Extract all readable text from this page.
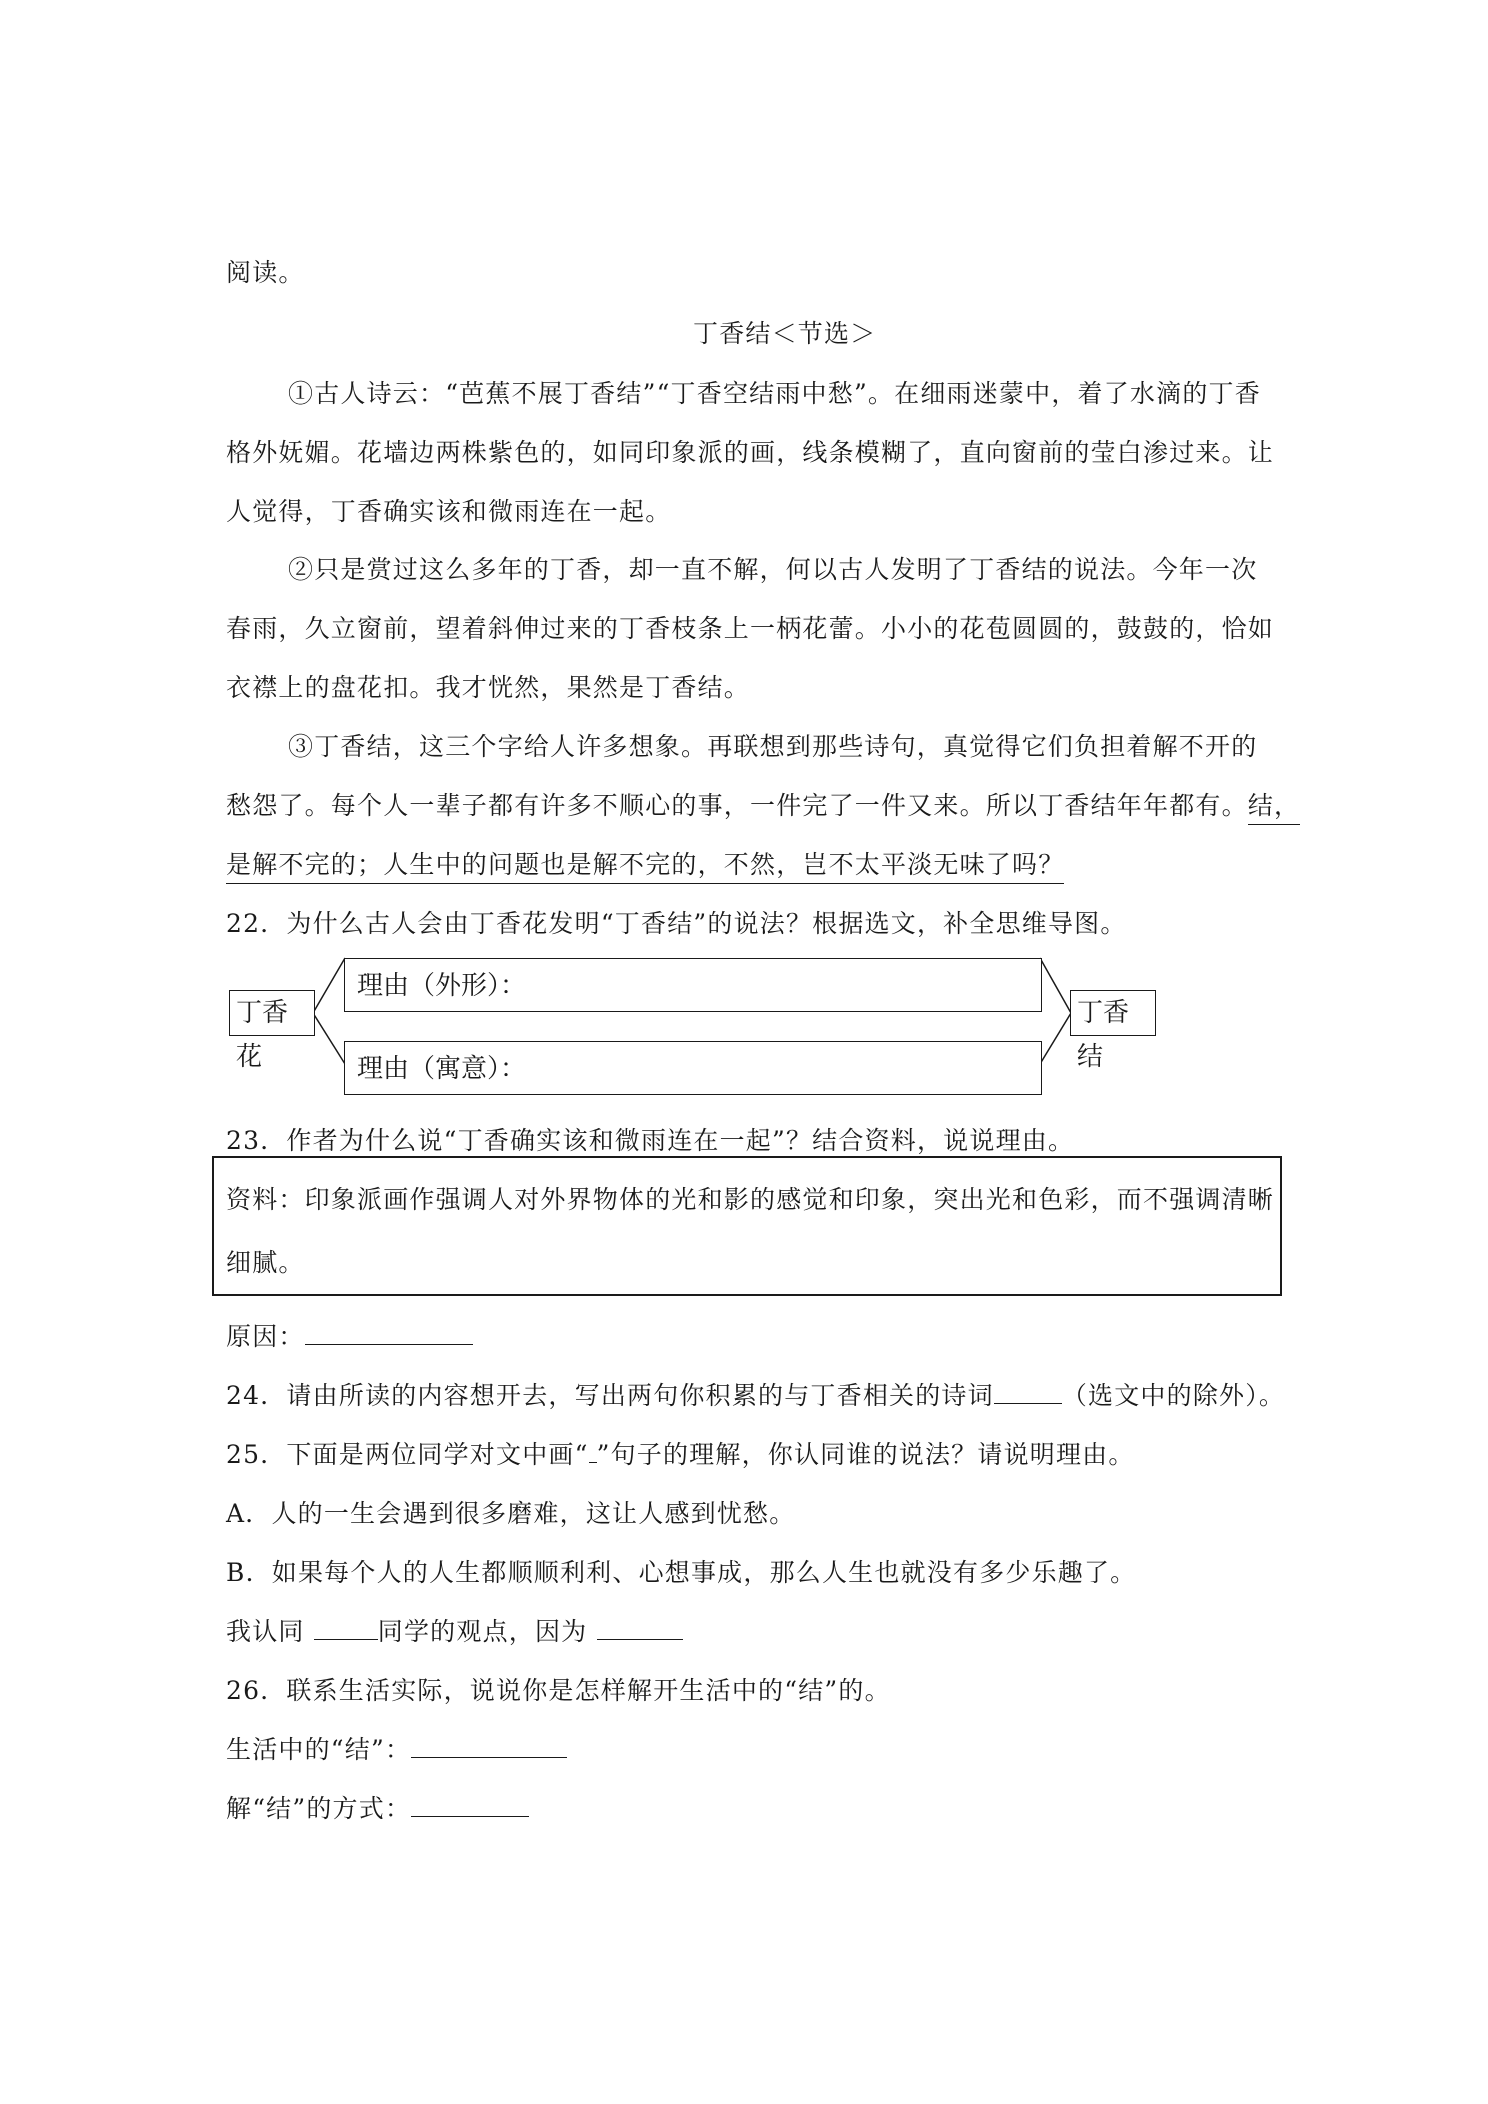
阅读。
丁香结＜节选＞
①古人诗云：“芭蕉不展丁香结”“丁香空结雨中愁”。在细雨迷蒙中，着了水滴的丁香
格外妩媚。花墙边两株紫色的，如同印象派的画，线条模糊了，直向窗前的莹白渗过来。让
人觉得，丁香确实该和微雨连在一起。
②只是赏过这么多年的丁香，却一直不解，何以古人发明了丁香结的说法。今年一次
春雨，久立窗前，望着斜伸过来的丁香枝条上一柄花蕾。小小的花苞圆圆的，鼓鼓的，恰如
衣襟上的盘花扣。我才恍然，果然是丁香结。
③丁香结，这三个字给人许多想象。再联想到那些诗句，真觉得它们负担着解不开的
愁怨了。每个人一辈子都有许多不顺心的事，一件完了一件又来。所以丁香结年年都有。结，
是解不完的；人生中的问题也是解不完的，不然，岂不太平淡无味了吗？
22．为什么古人会由丁香花发明“丁香结”的说法？根据选文，补全思维导图。
丁香花
理由（外形）：
理由（寓意）：
丁香结
23．作者为什么说“丁香确实该和微雨连在一起”？结合资料，说说理由。
资料：印象派画作强调人对外界物体的光和影的感觉和印象，突出光和色彩，而不强调清晰
细腻。
原因：
24．请由所读的内容想开去，写出两句你积累的与丁香相关的诗词	（选文中的除外）。
25．下面是两位同学对文中画“ ”句子的理解，你认同谁的说法？请说明理由。
A．人的一生会遇到很多磨难，这让人感到忧愁。
B．如果每个人的人生都顺顺利利、心想事成，那么人生也就没有多少乐趣了。
我认同	同学的观点，因为
26．联系生活实际，说说你是怎样解开生活中的“结”的。
生活中的“结”：
解“结”的方式：
